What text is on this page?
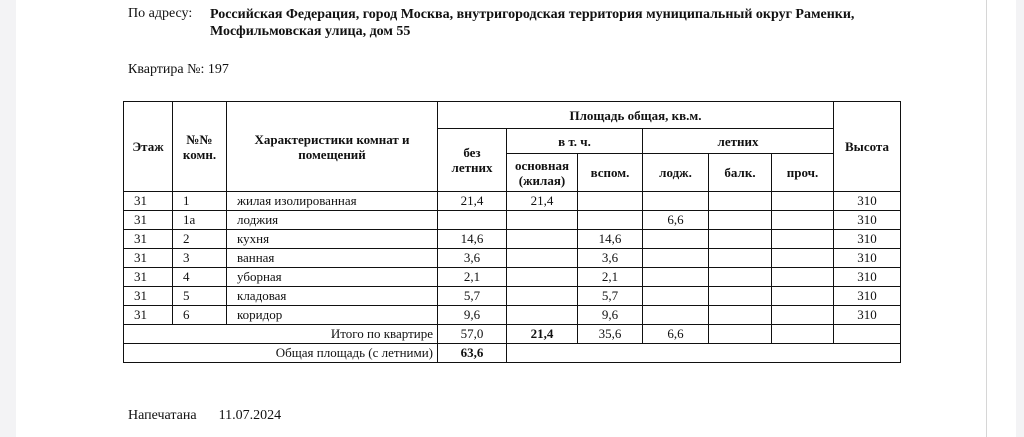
По адресу: Российская Федерация, город Москва, внутригородская территория муниципальный округ Раменки,
Мосфильмовская улица, дом 55
Квартира №: 197
Этаж	№№ комн.	Характеристики комнат и помещений	Площадь общая, кв.м.						Высота
			без летних	в т. ч.		летних			
				основная (жилая)	вспом.	лодж.	балк.	проч.	
31	1	жилая изолированная	21,4	21,4					310
31	1а	лоджия				6,6			310
31	2	кухня	14,6		14,6				310
31	3	ванная	3,6		3,6				310
31	4	уборная	2,1		2,1				310
31	5	кладовая	5,7		5,7				310
31	6	коридор	9,6		9,6				310
Итого по квартире			57,0	21,4	35,6	6,6			
Общая площадь (с летними)			63,6						
Напечатана 11.07.2024
